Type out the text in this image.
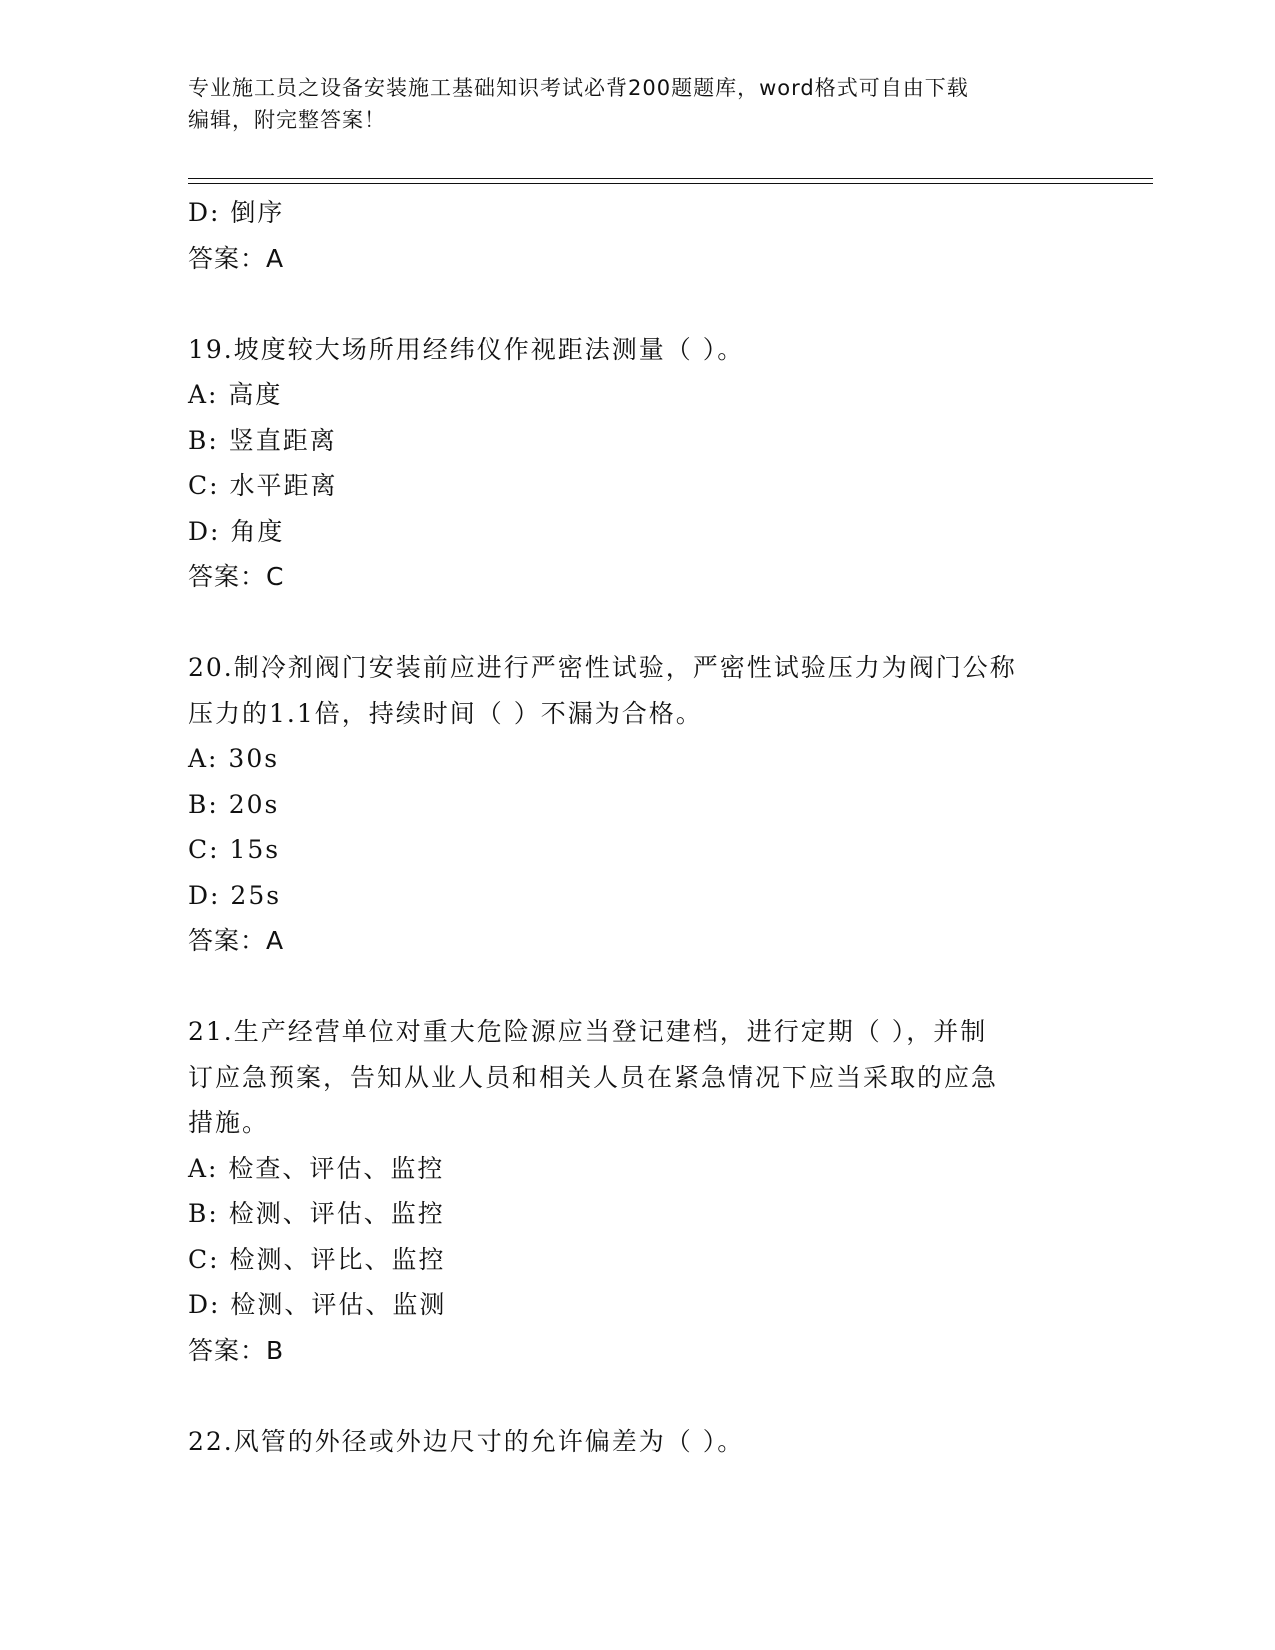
专业施工员之设备安装施工基础知识考试必背200题题库，word格式可自由下载
编辑，附完整答案！
D: 倒序
答案：A
19.坡度较大场所用经纬仪作视距法测量（ ）。
A: 高度
B: 竖直距离
C: 水平距离
D: 角度
答案：C
20.制冷剂阀门安装前应进行严密性试验，严密性试验压力为阀门公称
压力的1.1倍，持续时间（ ）不漏为合格。
A: 30s
B: 20s
C: 15s
D: 25s
答案：A
21.生产经营单位对重大危险源应当登记建档，进行定期（ ），并制
订应急预案，告知从业人员和相关人员在紧急情况下应当采取的应急
措施。
A: 检查、评估、监控
B: 检测、评估、监控
C: 检测、评比、监控
D: 检测、评估、监测
答案：B
22.风管的外径或外边尺寸的允许偏差为（ ）。
